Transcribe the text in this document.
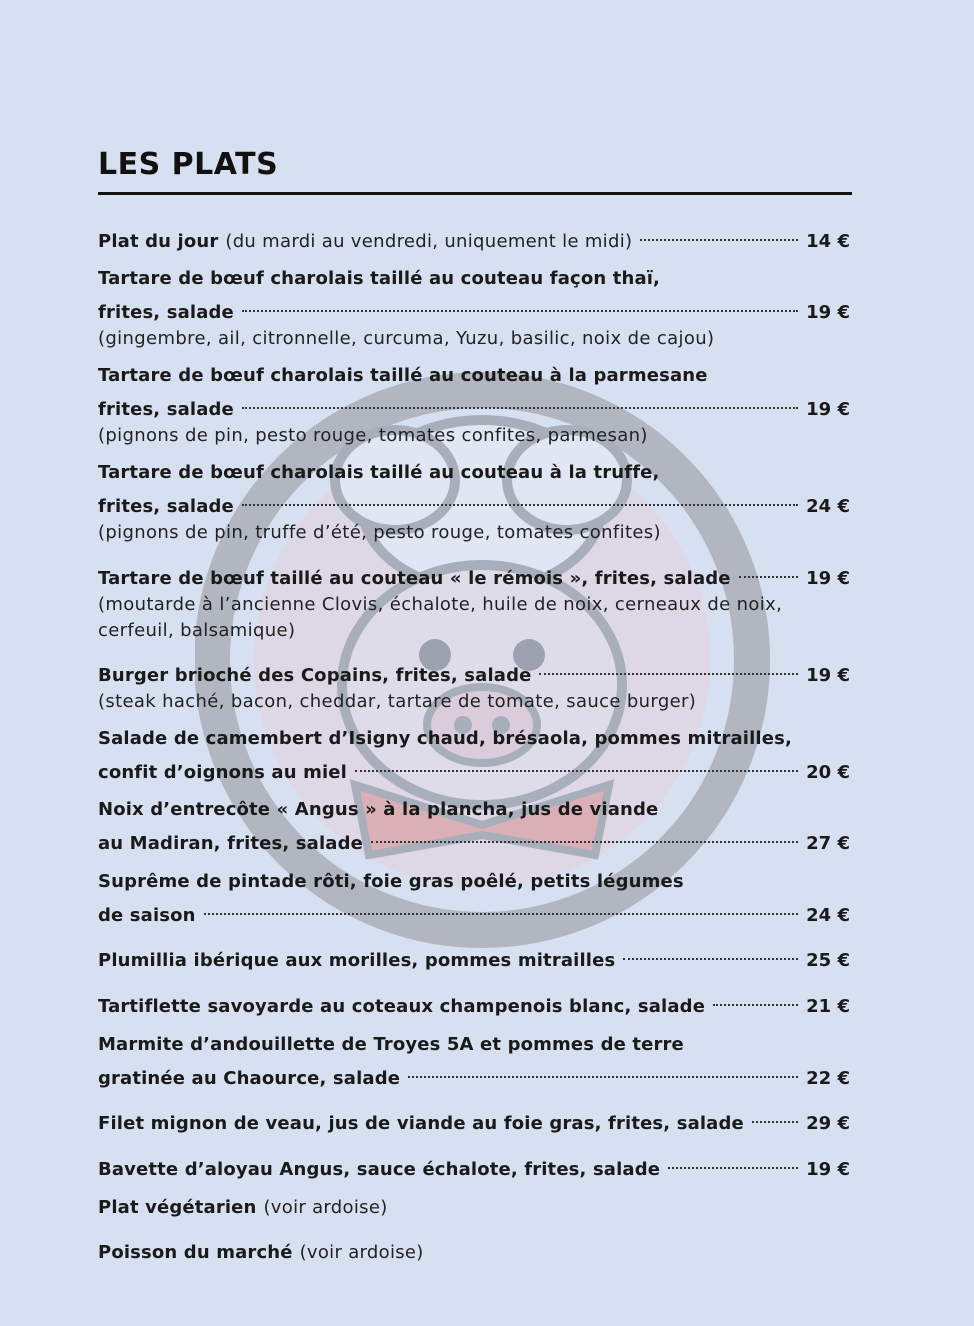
LES PLATS
Plat du jour (du mardi au vendredi, uniquement le midi)	14 €
Tartare de bœuf charolais taillé au couteau façon thaï,
frites, salade	19 €
(gingembre, ail, citronnelle, curcuma, Yuzu, basilic, noix de cajou)
Tartare de bœuf charolais taillé au couteau à la parmesane
frites, salade	19 €
(pignons de pin, pesto rouge, tomates confites, parmesan)
Tartare de bœuf charolais taillé au couteau à la truffe,
frites, salade	24 €
(pignons de pin, truffe d’été, pesto rouge, tomates confites)
Tartare de bœuf taillé au couteau « le rémois », frites, salade	19 €
(moutarde à l’ancienne Clovis, échalote, huile de noix, cerneaux de noix, cerfeuil, balsamique)
Burger brioché des Copains, frites, salade	19 €
(steak haché, bacon, cheddar, tartare de tomate, sauce burger)
Salade de camembert d’Isigny chaud, brésaola, pommes mitrailles,
confit d’oignons au miel	20 €
Noix d’entrecôte « Angus » à la plancha, jus de viande
au Madiran, frites, salade	27 €
Suprême de pintade rôti, foie gras poêlé, petits légumes
de saison	24 €
Plumillia ibérique aux morilles, pommes mitrailles	25 €
Tartiflette savoyarde au coteaux champenois blanc, salade	21 €
Marmite d’andouillette de Troyes 5A et pommes de terre
gratinée au Chaource, salade	22 €
Filet mignon de veau, jus de viande au foie gras, frites, salade	29 €
Bavette d’aloyau Angus, sauce échalote, frites, salade	19 €
Plat végétarien (voir ardoise)
Poisson du marché (voir ardoise)
